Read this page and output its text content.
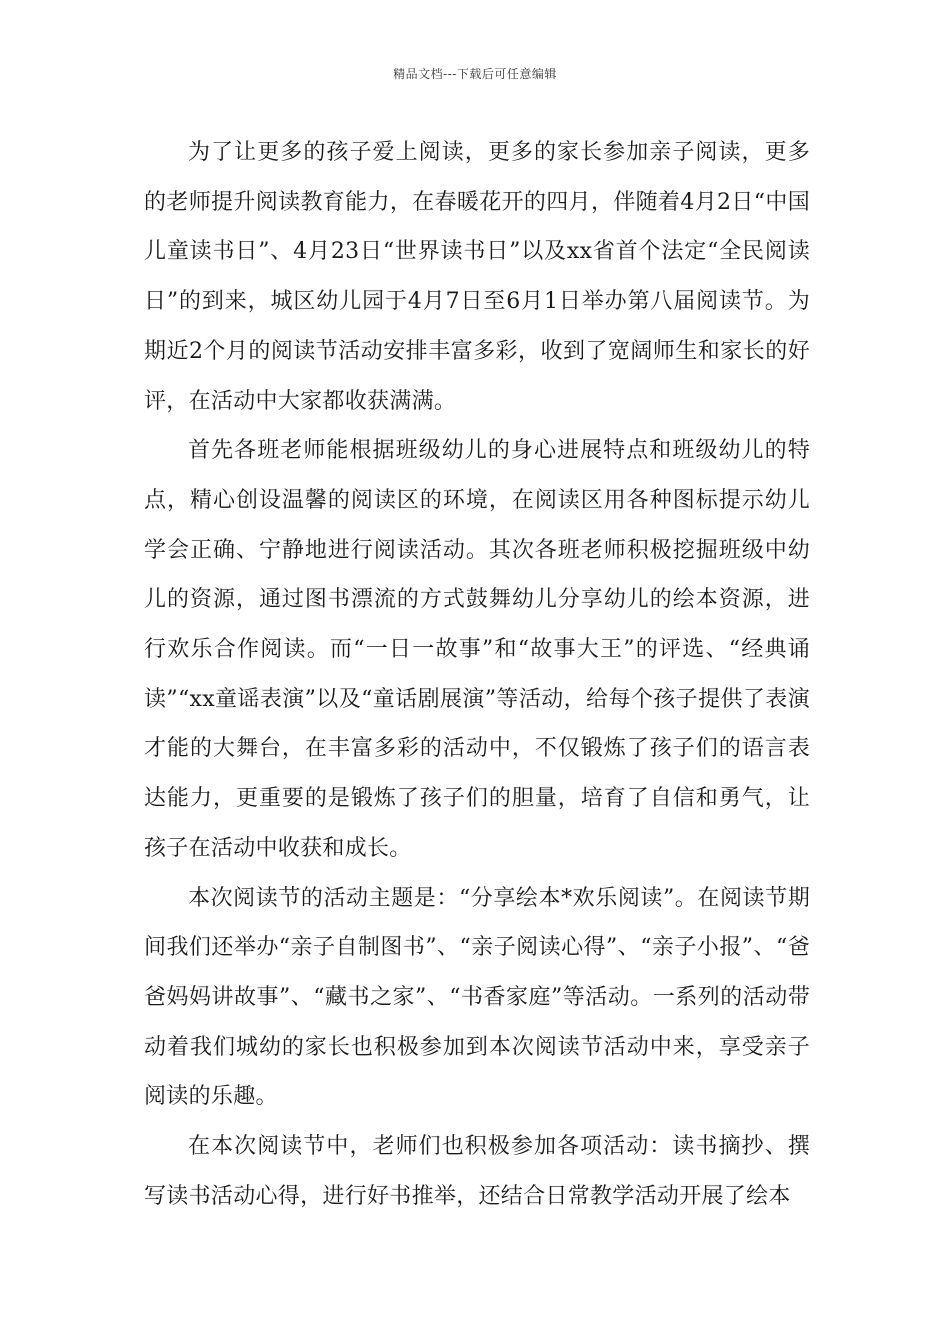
精品文档---下载后可任意编辑

为了让更多的孩子爱上阅读，更多的家长参加亲子阅读，更多的老师提升阅读教育能力，在春暖花开的四月，伴随着4月2日“中国儿童读书日”、4月23日“世界读书日”以及xx省首个法定“全民阅读日”的到来，城区幼儿园于4月7日至6月1日举办第八届阅读节。为期近2个月的阅读节活动安排丰富多彩，收到了宽阔师生和家长的好评，在活动中大家都收获满满。

首先各班老师能根据班级幼儿的身心进展特点和班级幼儿的特点，精心创设温馨的阅读区的环境，在阅读区用各种图标提示幼儿学会正确、宁静地进行阅读活动。其次各班老师积极挖掘班级中幼儿的资源，通过图书漂流的方式鼓舞幼儿分享幼儿的绘本资源，进行欢乐合作阅读。而“一日一故事”和“故事大王”的评选、“经典诵读”“xx童谣表演”以及“童话剧展演”等活动，给每个孩子提供了表演才能的大舞台，在丰富多彩的活动中，不仅锻炼了孩子们的语言表达能力，更重要的是锻炼了孩子们的胆量，培育了自信和勇气，让孩子在活动中收获和成长。

本次阅读节的活动主题是：“分享绘本*欢乐阅读”。在阅读节期间我们还举办“亲子自制图书”、“亲子阅读心得”、“亲子小报”、“爸爸妈妈讲故事”、“藏书之家”、“书香家庭”等活动。一系列的活动带动着我们城幼的家长也积极参加到本次阅读节活动中来，享受亲子阅读的乐趣。

在本次阅读节中，老师们也积极参加各项活动：读书摘抄、撰写读书活动心得，进行好书推举，还结合日常教学活动开展了绘本
